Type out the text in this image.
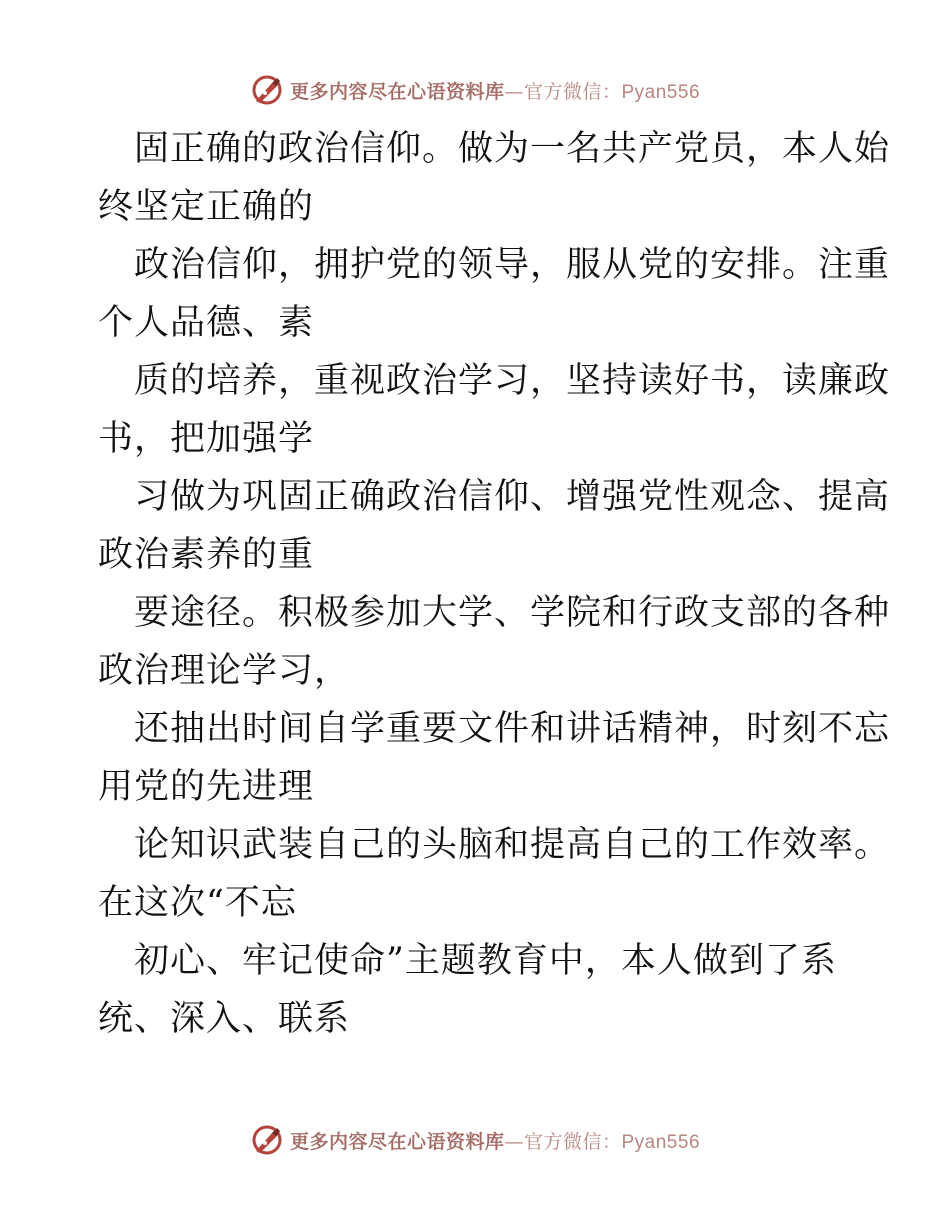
更多内容尽在心语资料库—官方微信：Pyan556
固正确的政治信仰。做为一名共产党员，本人始
终坚定正确的
政治信仰，拥护党的领导，服从党的安排。注重
个人品德、素
质的培养，重视政治学习，坚持读好书，读廉政
书，把加强学
习做为巩固正确政治信仰、增强党性观念、提高
政治素养的重
要途径。积极参加大学、学院和行政支部的各种
政治理论学习，
还抽出时间自学重要文件和讲话精神，时刻不忘
用党的先进理
论知识武装自己的头脑和提高自己的工作效率。
在这次“不忘
初心、牢记使命”主题教育中，本人做到了系
统、深入、联系
更多内容尽在心语资料库—官方微信：Pyan556
